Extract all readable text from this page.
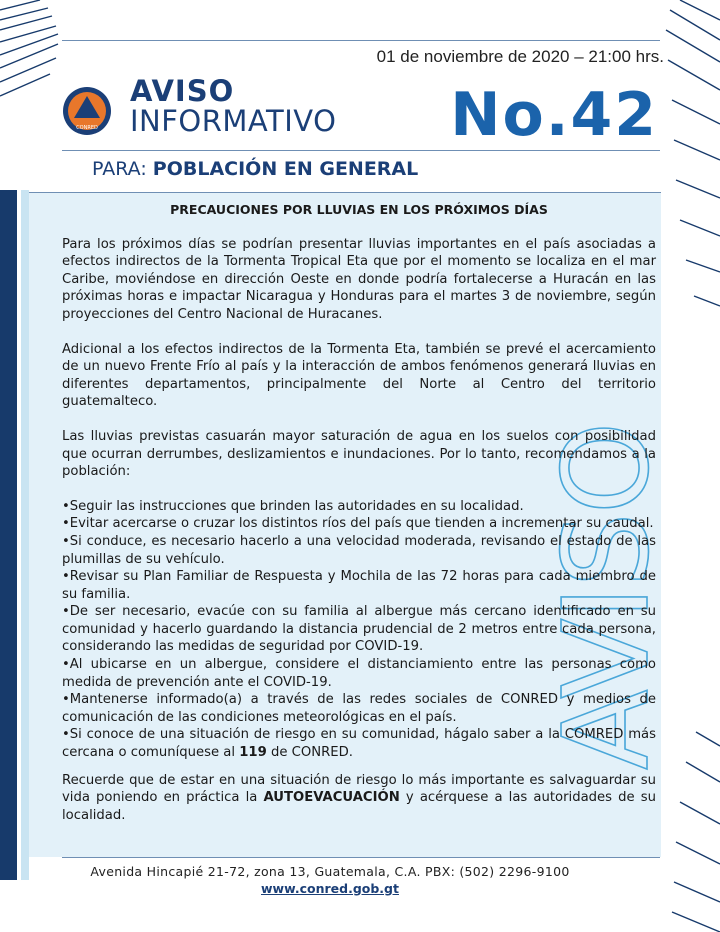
01 de noviembre de 2020 – 21:00 hrs.
CONRED
AVISO
INFORMATIVO No.42
PARA: POBLACIÓN EN GENERAL
AVISO

PRECAUCIONES POR LLUVIAS EN LOS PRÓXIMOS DÍAS

Para los próximos días se podrían presentar lluvias importantes en el país asociadas a efectos indirectos de la Tormenta Tropical Eta que por el momento se localiza en el mar Caribe, moviéndose en dirección Oeste en donde podría fortalecerse a Huracán en las próximas horas e impactar Nicaragua y Honduras para el martes 3 de noviembre, según proyecciones del Centro Nacional de Huracanes.

Adicional a los efectos indirectos de la Tormenta Eta, también se prevé el acercamiento de un nuevo Frente Frío al país y la interacción de ambos fenómenos generará lluvias en diferentes departamentos, principalmente del Norte al Centro del territorio guatemalteco.

Las lluvias previstas casuarán mayor saturación de agua en los suelos con posibilidad que ocurran derrumbes, deslizamientos e inundaciones. Por lo tanto, recomendamos a la población:

•Seguir las instrucciones que brinden las autoridades en su localidad.

•Evitar acercarse o cruzar los distintos ríos del país que tienden a incrementar su caudal.

•Si conduce, es necesario hacerlo a una velocidad moderada, revisando el estado de las plumillas de su vehículo.

•Revisar su Plan Familiar de Respuesta y Mochila de las 72 horas para cada miembro de su familia.

•De ser necesario, evacúe con su familia al albergue más cercano identificado en su comunidad y hacerlo guardando la distancia prudencial de 2 metros entre cada persona, considerando las medidas de seguridad por COVID-19.

•Al ubicarse en un albergue, considere el distanciamiento entre las personas como medida de prevención ante el COVID-19.

•Mantenerse informado(a) a través de las redes sociales de CONRED y medios de comunicación de las condiciones meteorológicas en el país.

•Si conoce de una situación de riesgo en su comunidad, hágalo saber a la COMRED más cercana o comuníquese al 119 de CONRED.

Recuerde que de estar en una situación de riesgo lo más importante es salvaguardar su vida poniendo en práctica la AUTOEVACUACIÓN y acérquese a las autoridades de su localidad.

Avenida Hincapié 21-72, zona 13, Guatemala, C.A. PBX: (502) 2296-9100
www.conred.gob.gt
